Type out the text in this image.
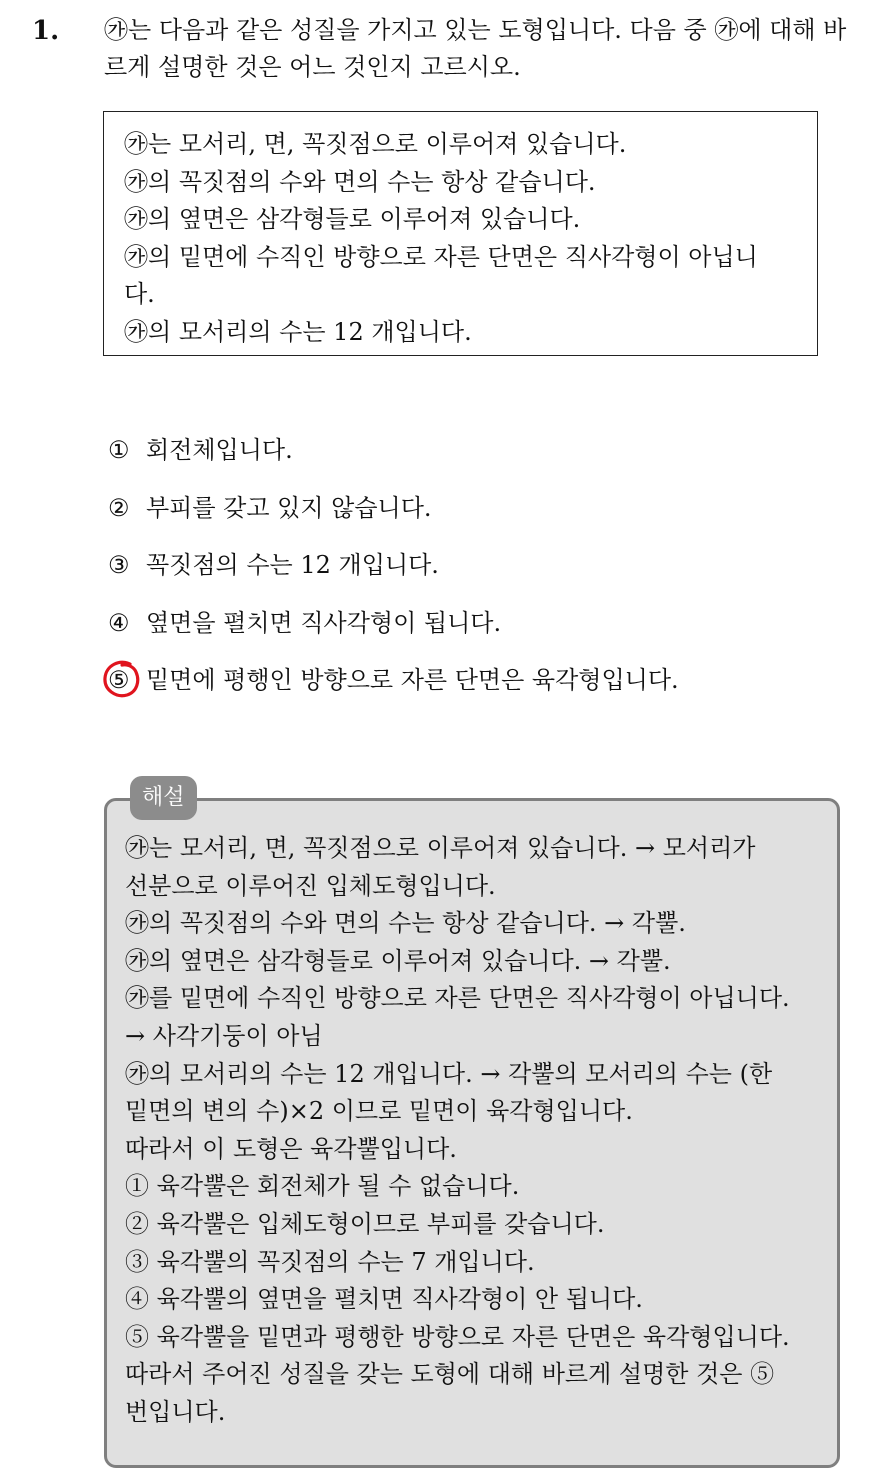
1. ㉮는 다음과 같은 성질을 가지고 있는 도형입니다. 다음 중 ㉮에 대해 바르게 설명한 것은 어느 것인지 고르시오.
㉮는 모서리, 면, 꼭짓점으로 이루어져 있습니다.
㉮의 꼭짓점의 수와 면의 수는 항상 같습니다.
㉮의 옆면은 삼각형들로 이루어져 있습니다.
㉮의 밑면에 수직인 방향으로 자른 단면은 직사각형이 아닙니
다.
㉮의 모서리의 수는 12 개입니다.
① 회전체입니다.
② 부피를 갖고 있지 않습니다.
③ 꼭짓점의 수는 12 개입니다.
④ 옆면을 펼치면 직사각형이 됩니다.
⑤ 밑면에 평행인 방향으로 자른 단면은 육각형입니다.
해설
㉮는 모서리, 면, 꼭짓점으로 이루어져 있습니다. → 모서리가
선분으로 이루어진 입체도형입니다.
㉮의 꼭짓점의 수와 면의 수는 항상 같습니다. → 각뿔.
㉮의 옆면은 삼각형들로 이루어져 있습니다. → 각뿔.
㉮를 밑면에 수직인 방향으로 자른 단면은 직사각형이 아닙니다.
→ 사각기둥이 아님
㉮의 모서리의 수는 12 개입니다. → 각뿔의 모서리의 수는 (한
밑면의 변의 수)×2 이므로 밑면이 육각형입니다.
따라서 이 도형은 육각뿔입니다.
① 육각뿔은 회전체가 될 수 없습니다.
② 육각뿔은 입체도형이므로 부피를 갖습니다.
③ 육각뿔의 꼭짓점의 수는 7 개입니다.
④ 육각뿔의 옆면을 펼치면 직사각형이 안 됩니다.
⑤ 육각뿔을 밑면과 평행한 방향으로 자른 단면은 육각형입니다.
따라서 주어진 성질을 갖는 도형에 대해 바르게 설명한 것은 ⑤
번입니다.
